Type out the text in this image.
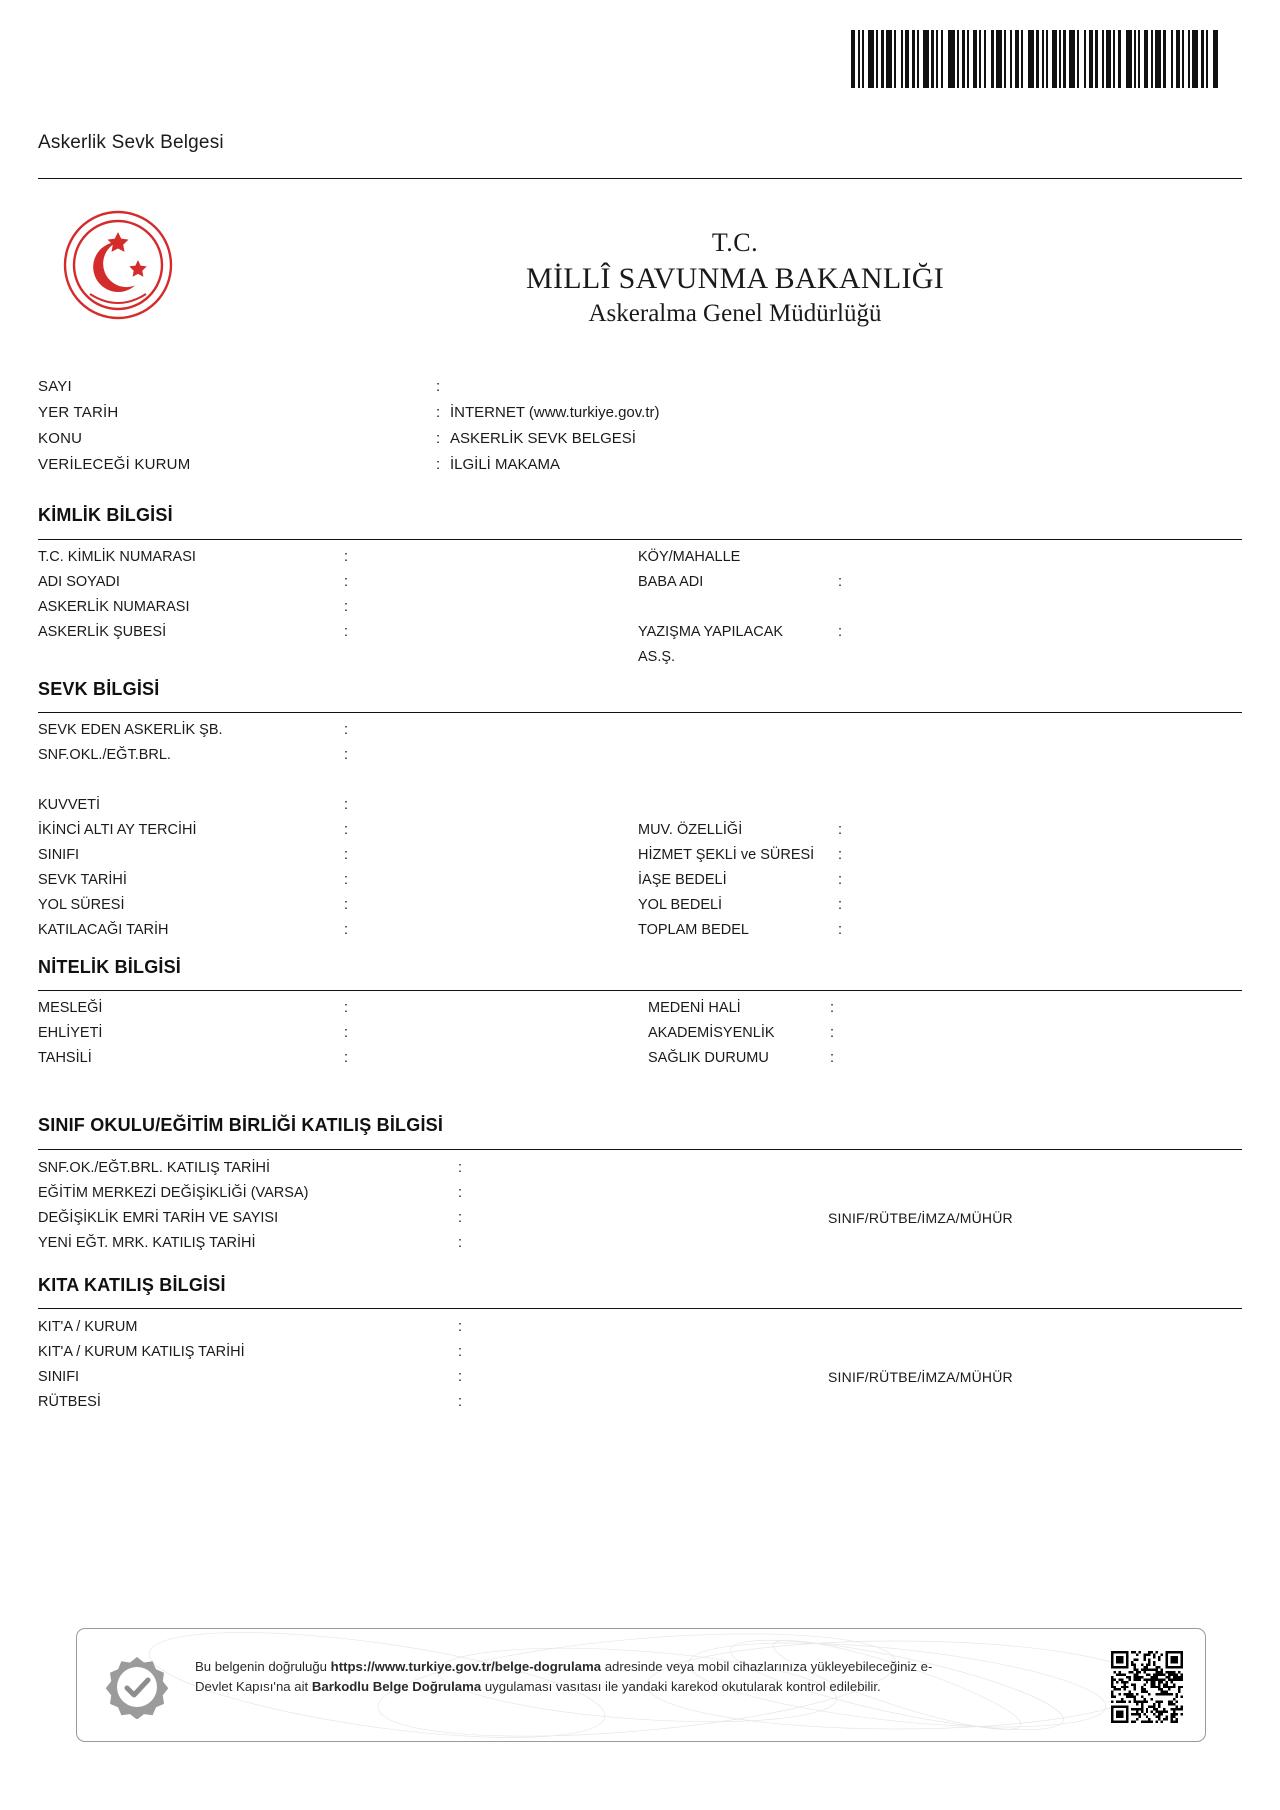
Askerlik Sevk Belgesi
T.C.
MİLLÎ SAVUNMA BAKANLIĞI
Askeralma Genel Müdürlüğü
SAYI	:
YER TARİH	: İNTERNET (www.turkiye.gov.tr)
KONU	: ASKERLİK SEVK BELGESİ
VERİLECEĞİ KURUM	: İLGİLİ MAKAMA
KİMLİK BİLGİSİ
T.C. KİMLİK NUMARASI	:	KÖY/MAHALLE
ADI SOYADI	:	BABA ADI	:
ASKERLİK NUMARASI	:
ASKERLİK ŞUBESİ	:	YAZIŞMA YAPILACAK	:
AS.Ş.
SEVK BİLGİSİ
SEVK EDEN ASKERLİK ŞB.	:
SNF.OKL./EĞT.BRL.	:
KUVVETİ	:
İKİNCİ ALTI AY TERCİHİ	:	MUV. ÖZELLİĞİ	:
SINIFI	:	HİZMET ŞEKLİ ve SÜRESİ	:
SEVK TARİHİ	:	İAŞE BEDELİ	:
YOL SÜRESİ	:	YOL BEDELİ	:
KATILACAĞI TARİH	:	TOPLAM BEDEL	:
NİTELİK BİLGİSİ
MESLEĞİ	:	MEDENİ HALİ	:
EHLİYETİ	:	AKADEMİSYENLİK	:
TAHSİLİ	:	SAĞLIK DURUMU	:
SINIF OKULU/EĞİTİM BİRLİĞİ KATILIŞ BİLGİSİ
SNF.OK./EĞT.BRL. KATILIŞ TARİHİ	:
EĞİTİM MERKEZİ DEĞİŞİKLİĞİ (VARSA)	:
DEĞİŞİKLİK EMRİ TARİH VE SAYISI	:	SINIF/RÜTBE/İMZA/MÜHÜR
YENİ EĞT. MRK. KATILIŞ TARİHİ	:
KITA KATILIŞ BİLGİSİ
KIT'A / KURUM	:
KIT'A / KURUM KATILIŞ TARİHİ	:
SINIFI	:	SINIF/RÜTBE/İMZA/MÜHÜR
RÜTBESİ	:
Bu belgenin doğruluğu https://www.turkiye.gov.tr/belge-dogrulama adresinde veya mobil cihazlarınıza yükleyebileceğiniz e-Devlet Kapısı'na ait Barkodlu Belge Doğrulama uygulaması vasıtası ile yandaki karekod okutularak kontrol edilebilir.
